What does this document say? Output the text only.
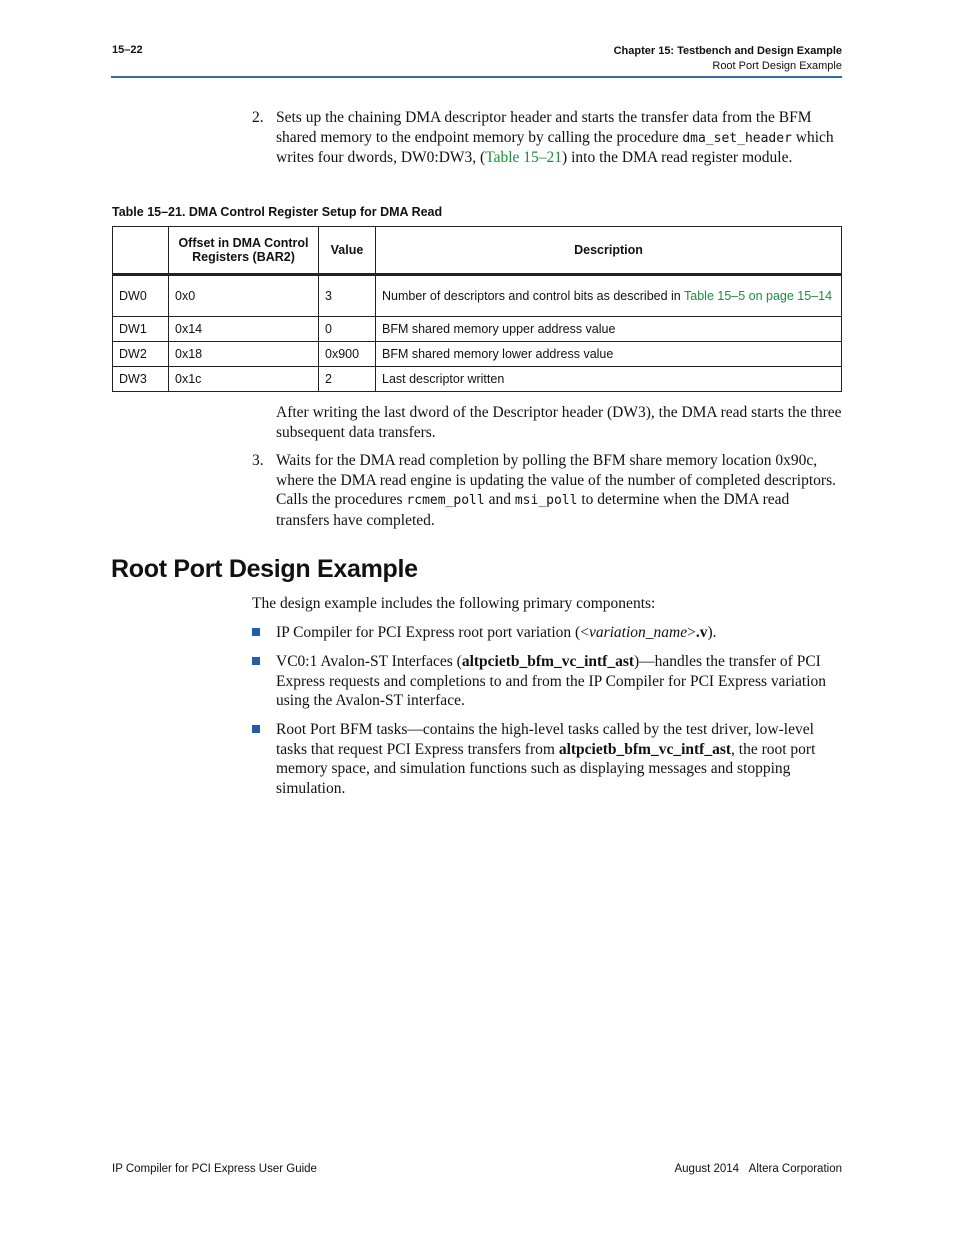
15–22	Chapter 15: Testbench and Design Example
Root Port Design Example
2. Sets up the chaining DMA descriptor header and starts the transfer data from the BFM shared memory to the endpoint memory by calling the procedure dma_set_header which writes four dwords, DW0:DW3, (Table 15–21) into the DMA read register module.
Table 15–21. DMA Control Register Setup for DMA Read
	Offset in DMA Control Registers (BAR2)	Value	Description
DW0	0x0	3	Number of descriptors and control bits as described in Table 15–5 on page 15–14
DW1	0x14	0	BFM shared memory upper address value
DW2	0x18	0x900	BFM shared memory lower address value
DW3	0x1c	2	Last descriptor written
After writing the last dword of the Descriptor header (DW3), the DMA read starts the three subsequent data transfers.
3. Waits for the DMA read completion by polling the BFM share memory location 0x90c, where the DMA read engine is updating the value of the number of completed descriptors. Calls the procedures rcmem_poll and msi_poll to determine when the DMA read transfers have completed.
Root Port Design Example
The design example includes the following primary components:
IP Compiler for PCI Express root port variation (<variation_name>.v).
VC0:1 Avalon-ST Interfaces (altpcietb_bfm_vc_intf_ast)—handles the transfer of PCI Express requests and completions to and from the IP Compiler for PCI Express variation using the Avalon-ST interface.
Root Port BFM tasks—contains the high-level tasks called by the test driver, low-level tasks that request PCI Express transfers from altpcietb_bfm_vc_intf_ast, the root port memory space, and simulation functions such as displaying messages and stopping simulation.
IP Compiler for PCI Express User Guide	August 2014 Altera Corporation
